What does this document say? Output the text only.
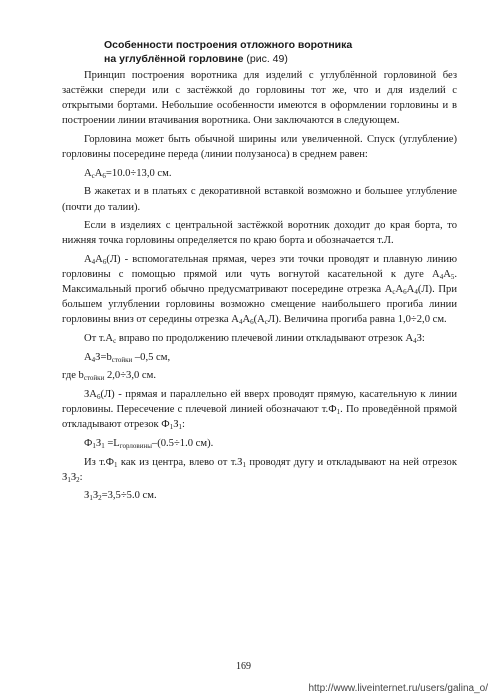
Особенности построения отложного воротника
на углублённой горловине (рис. 49)

Принцип построения воротника для изделий с углублённой горловиной без застёжки спереди или с застёжкой до горловины тот же, что и для изделий с открытыми бортами. Небольшие особенности имеются в оформлении горловины и в построении линии втачивания воротника. Они заключаются в следующем.

Горловина может быть обычной ширины или увеличенной. Спуск (углубление) горловины посередине переда (линии полузаноса) в среднем равен:

$А_сА_6=10.0\div 13,0$ см.

В жакетах и в платьях с декоративной вставкой возможно и большее углубление (почти до талии).

Если в изделиях с центральной застёжкой воротник доходит до края борта, то нижняя точка горловины определяется по краю борта и обозначается т.Л.

$А_4А_6(Л)$ - вспомогательная прямая, через эти точки проводят и плавную линию горловины с помощью прямой или чуть вогнутой касательной к дуге $А_4А_5$. Максимальный прогиб обычно предусматривают посередине отрезка $А_сА_6А_4(Л)$. При большем углублении горловины возможно смещение наибольшего прогиба линии горловины вниз от середины отрезка $А_4А_6(А_сЛ)$. Величина прогиба равна 1,0÷2,0 см.

От $т.А_с$ вправо по продолжению плечевой линии откладывают отрезок $А_4З$:

$А_4З=b_{стойки}$ –0,5 см,

где $b_{стойки}$ 2,0÷3,0 см.

$ЗА_6(Л)$ - прямая и параллельно ей вверх проводят прямую, касательную к линии горловины. Пересечение с плечевой линией обозначают $т.Ф_1$. По проведённой прямой откладывают отрезок $Ф_1З_1$:

$Ф_1З_1 =L_{горловины}-(0.5\div 1.0$ см).

Из $т.Ф_1$ как из центра, влево от $т.З_1$ проводят дугу и откладывают на ней отрезок $З_1З_2$:

$З_1З_2=3,5\div 5.0$ см.

169
http://www.liveinternet.ru/users/galina_o/
